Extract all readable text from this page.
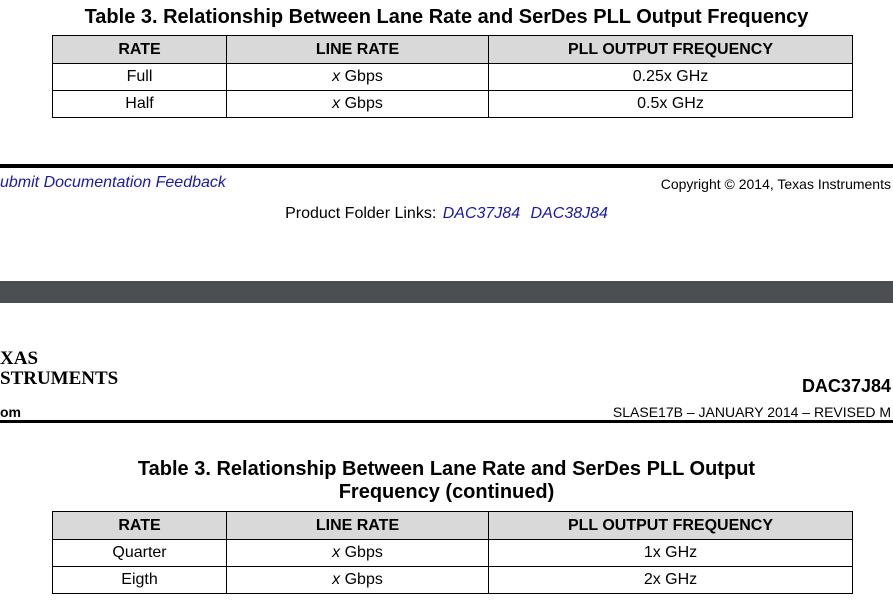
Table 3. Relationship Between Lane Rate and SerDes PLL Output Frequency
RATE	LINE RATE	PLL OUTPUT FREQUENCY
Full	x Gbps	0.25x GHz
Half	x Gbps	0.5x GHz
ubmit Documentation Feedback	Copyright © 2014, Texas Instruments
Product Folder Links: DAC37J84 DAC38J84
XAS
STRUMENTS	DAC37J84
om	SLASE17B – JANUARY 2014 – REVISED M
Table 3. Relationship Between Lane Rate and SerDes PLL Output
Frequency (continued)
RATE	LINE RATE	PLL OUTPUT FREQUENCY
Quarter	x Gbps	1x GHz
Eigth	x Gbps	2x GHz
